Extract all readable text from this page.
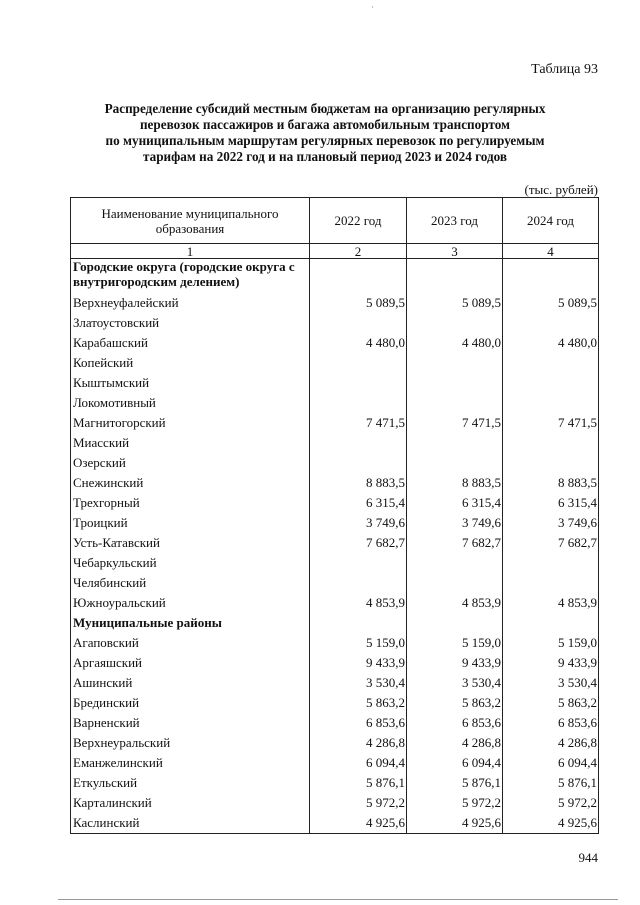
Таблица 93
Распределение субсидий местным бюджетам на организацию регулярных
перевозок пассажиров и багажа автомобильным транспортом
по муниципальным маршрутам регулярных перевозок по регулируемым
тарифам на 2022 год и на плановый период 2023 и 2024 годов
(тыс. рублей)
Наименование муниципального образования	2022 год	2023 год	2024 год
1	2	3	4
Городские округа (городские округа с внутригородским делением)			
Верхнеуфалейский	5 089,5	5 089,5	5 089,5
Златоустовский			
Карабашский	4 480,0	4 480,0	4 480,0
Копейский			
Кыштымский			
Локомотивный			
Магнитогорский	7 471,5	7 471,5	7 471,5
Миасский			
Озерский			
Снежинский	8 883,5	8 883,5	8 883,5
Трехгорный	6 315,4	6 315,4	6 315,4
Троицкий	3 749,6	3 749,6	3 749,6
Усть-Катавский	7 682,7	7 682,7	7 682,7
Чебаркульский			
Челябинский			
Южноуральский	4 853,9	4 853,9	4 853,9
Муниципальные районы			
Агаповский	5 159,0	5 159,0	5 159,0
Аргаяшский	9 433,9	9 433,9	9 433,9
Ашинский	3 530,4	3 530,4	3 530,4
Брединский	5 863,2	5 863,2	5 863,2
Варненский	6 853,6	6 853,6	6 853,6
Верхнеуральский	4 286,8	4 286,8	4 286,8
Еманжелинский	6 094,4	6 094,4	6 094,4
Еткульский	5 876,1	5 876,1	5 876,1
Карталинский	5 972,2	5 972,2	5 972,2
Каслинский	4 925,6	4 925,6	4 925,6
944
